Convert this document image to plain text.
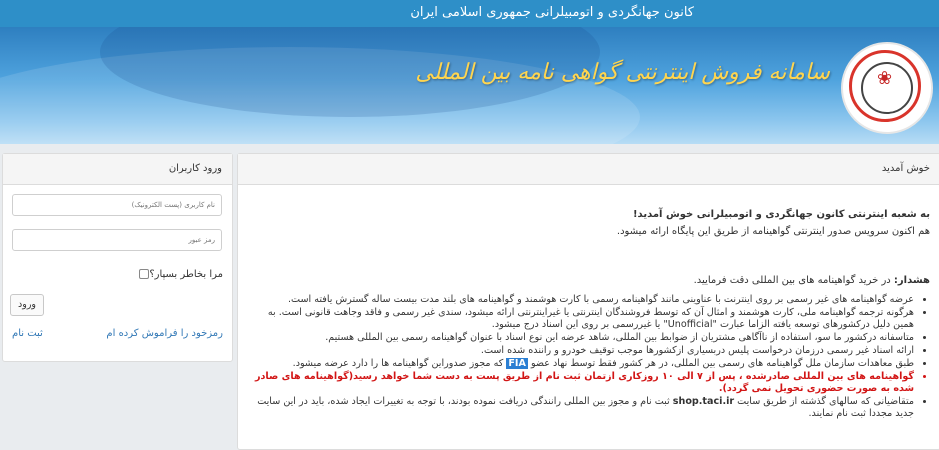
کانون جهانگردی و اتومبیلرانی جمهوری اسلامی ایران
سامانه فروش اینترنتی گواهی نامه بین المللی	❀
خوش آمدید

به شعبه اینترنتی کانون جهانگردی و اتومبیلرانی خوش آمدید!

هم اکنون سرویس صدور اینترنتی گواهینامه از طریق این پایگاه ارائه میشود.

هشدار: در خرید گواهینامه های بین المللی دقت فرمایید.

• عرضه گواهینامه های غیر رسمی بر روی اینترنت با عناوینی مانند گواهینامه رسمی با کارت هوشمند و گواهینامه های بلند مدت بیست ساله گسترش یافته است.
• هرگونه ترجمه گواهینامه ملی، کارت هوشمند و امثال آن که توسط فروشندگان اینترنتی یا غیراینترنتی ارائه میشود، سندی غیر رسمی و فاقد وجاهت قانونی است. به همین دلیل درکشورهای توسعه یافته الزاما عبارت "Unofficial" یا غیررسمی بر روی این اسناد درج میشود.
• متاسفانه درکشور ما سو، استفاده از ناآگاهی مشتریان از ضوابط بین المللی، شاهد عرضه این نوع اسناد با عنوان گواهینامه رسمی بین المللی هستیم.
• ارائه اسناد غیر رسمی درزمان درخواست پلیس دربسیاری ازکشورها موجب توقیف خودرو و راننده شده است.
• طبق معاهدات سازمان ملل گواهینامه های رسمی بین المللی، در هر کشور فقط توسط نهاد عضو FIA که مجوز صدوراین گواهینامه ها را دارد عرضه میشود.
• گواهینامه های بین المللی صادرشده ، پس از ۷ الی ۱۰ روزکاری ازتمان ثبت نام از طریق پست به دست شما خواهد رسید(گواهینامه های صادر شده به صورت حضوری تحویل نمی گردد).
• متقاضیانی که سالهای گذشته از طریق سایت shop.taci.ir ثبت نام و مجوز بین المللی رانندگی دریافت نموده بودند، با توجه به تغییرات ایجاد شده، باید در این سایت جدید مجددا ثبت نام نمایند.
ورود کاربران
نام کاربری (پست الکترونیک)
مرا بخاطر بسپار؟
ورود
رمزخود را فراموش کرده ام
ثبت نام
